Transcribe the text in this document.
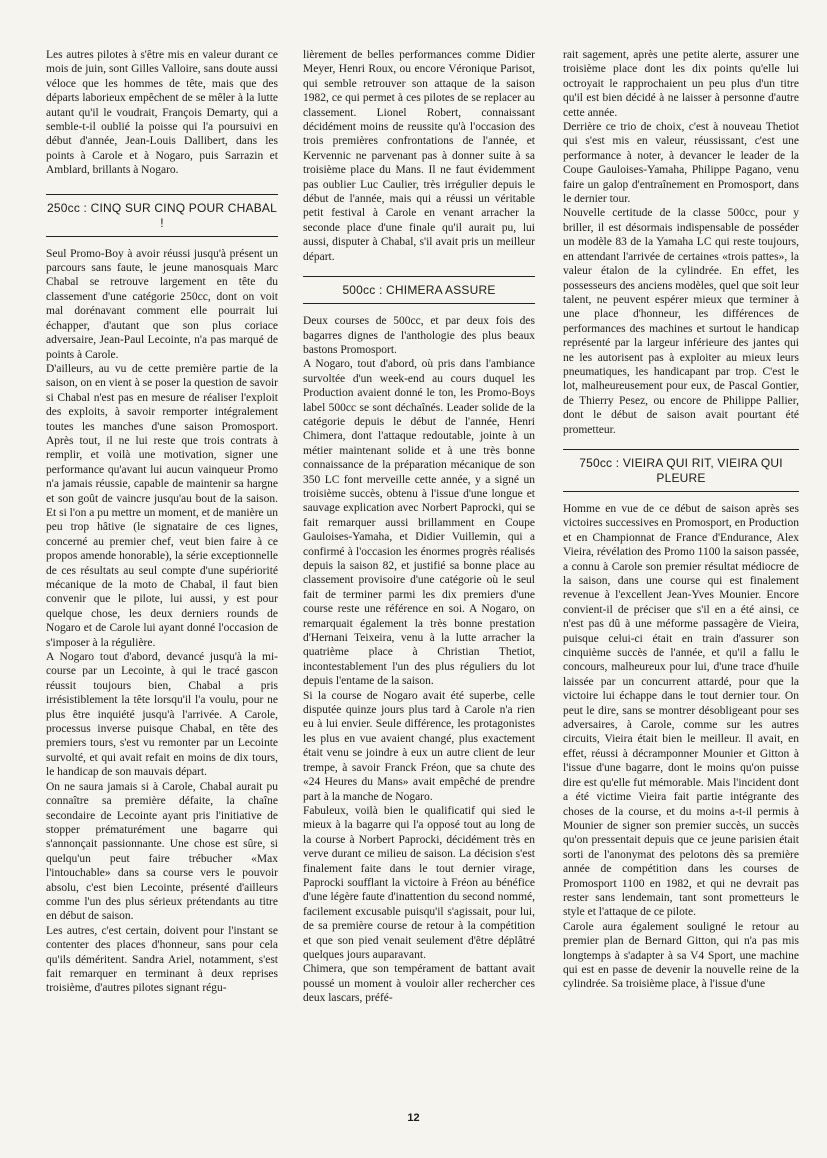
Les autres pilotes à s'être mis en valeur durant ce mois de juin, sont Gilles Valloire, sans doute aussi véloce que les hommes de tête, mais que des départs laborieux empêchent de se mêler à la lutte autant qu'il le voudrait, François Demarty, qui a semble-t-il oublié la poisse qui l'a poursuivi en début d'année, Jean-Louis Dallibert, dans les points à Carole et à Nogaro, puis Sarrazin et Amblard, brillants à Nogaro.

250cc : CINQ SUR CINQ POUR CHABAL !

Seul Promo-Boy à avoir réussi jusqu'à présent un parcours sans faute, le jeune manosquais Marc Chabal se retrouve largement en tête du classement d'une catégorie 250cc, dont on voit mal dorénavant comment elle pourrait lui échapper, d'autant que son plus coriace adversaire, Jean-Paul Lecointe, n'a pas marqué de points à Carole.

D'ailleurs, au vu de cette première partie de la saison, on en vient à se poser la question de savoir si Chabal n'est pas en mesure de réaliser l'exploit des exploits, à savoir remporter intégralement toutes les manches d'une saison Promosport. Après tout, il ne lui reste que trois contrats à remplir, et voilà une motivation, signer une performance qu'avant lui aucun vainqueur Promo n'a jamais réussie, capable de maintenir sa hargne et son goût de vaincre jusqu'au bout de la saison. Et si l'on a pu mettre un moment, et de manière un peu trop hâtive (le signataire de ces lignes, concerné au premier chef, veut bien faire à ce propos amende honorable), la série exceptionnelle de ces résultats au seul compte d'une supériorité mécanique de la moto de Chabal, il faut bien convenir que le pilote, lui aussi, y est pour quelque chose, les deux derniers rounds de Nogaro et de Carole lui ayant donné l'occasion de s'imposer à la régulière.

A Nogaro tout d'abord, devancé jusqu'à la mi-course par un Lecointe, à qui le tracé gascon réussit toujours bien, Chabal a pris irrésistiblement la tête lorsqu'il l'a voulu, pour ne plus être inquiété jusqu'à l'arrivée. A Carole, processus inverse puisque Chabal, en tête des premiers tours, s'est vu remonter par un Lecointe survolté, et qui avait refait en moins de dix tours, le handicap de son mauvais départ.

On ne saura jamais si à Carole, Chabal aurait pu connaître sa première défaite, la chaîne secondaire de Lecointe ayant pris l'initiative de stopper prématurément une bagarre qui s'annonçait passionnante. Une chose est sûre, si quelqu'un peut faire trébucher «Max l'intouchable» dans sa course vers le pouvoir absolu, c'est bien Lecointe, présenté d'ailleurs comme l'un des plus sérieux prétendants au titre en début de saison.

Les autres, c'est certain, doivent pour l'instant se contenter des places d'honneur, sans pour cela qu'ils déméritent. Sandra Ariel, notamment, s'est fait remarquer en terminant à deux reprises troisième, d'autres pilotes signant régu-

lièrement de belles performances comme Didier Meyer, Henri Roux, ou encore Véronique Parisot, qui semble retrouver son attaque de la saison 1982, ce qui permet à ces pilotes de se replacer au classement. Lionel Robert, connaissant décidément moins de reussite qu'à l'occasion des trois premières confrontations de l'année, et Kervennic ne parvenant pas à donner suite à sa troisième place du Mans. Il ne faut évidemment pas oublier Luc Caulier, très irrégulier depuis le début de l'année, mais qui a réussi un véritable petit festival à Carole en venant arracher la seconde place d'une finale qu'il aurait pu, lui aussi, disputer à Chabal, s'il avait pris un meilleur départ.

500cc : CHIMERA ASSURE

Deux courses de 500cc, et par deux fois des bagarres dignes de l'anthologie des plus beaux bastons Promosport.

A Nogaro, tout d'abord, où pris dans l'ambiance survoltée d'un week-end au cours duquel les Production avaient donné le ton, les Promo-Boys label 500cc se sont déchaînés. Leader solide de la catégorie depuis le début de l'année, Henri Chimera, dont l'attaque redoutable, jointe à un métier maintenant solide et à une très bonne connaissance de la préparation mécanique de son 350 LC font merveille cette année, y a signé un troisième succès, obtenu à l'issue d'une longue et sauvage explication avec Norbert Paprocki, qui se fait remarquer aussi brillamment en Coupe Gauloises-Yamaha, et Didier Vuillemin, qui a confirmé à l'occasion les énormes progrès réalisés depuis la saison 82, et justifié sa bonne place au classement provisoire d'une catégorie où le seul fait de terminer parmi les dix premiers d'une course reste une référence en soi. A Nogaro, on remarquait également la très bonne prestation d'Hernani Teixeira, venu à la lutte arracher la quatrième place à Christian Thetiot, incontestablement l'un des plus réguliers du lot depuis l'entame de la saison.

Si la course de Nogaro avait été superbe, celle disputée quinze jours plus tard à Carole n'a rien eu à lui envier. Seule différence, les protagonistes les plus en vue avaient changé, plus exactement était venu se joindre à eux un autre client de leur trempe, à savoir Franck Fréon, que sa chute des «24 Heures du Mans» avait empêché de prendre part à la manche de Nogaro.

Fabuleux, voilà bien le qualificatif qui sied le mieux à la bagarre qui l'a opposé tout au long de la course à Norbert Paprocki, décidément très en verve durant ce milieu de saison. La décision s'est finalement faite dans le tout dernier virage, Paprocki soufflant la victoire à Fréon au bénéfice d'une légère faute d'inattention du second nommé, facilement excusable puisqu'il s'agissait, pour lui, de sa première course de retour à la compétition et que son pied venait seulement d'être déplâtré quelques jours auparavant.

Chimera, que son tempérament de battant avait poussé un moment à vouloir aller rechercher ces deux lascars, préfé-

rait sagement, après une petite alerte, assurer une troisième place dont les dix points qu'elle lui octroyait le rapprochaient un peu plus d'un titre qu'il est bien décidé à ne laisser à personne d'autre cette année.

Derrière ce trio de choix, c'est à nouveau Thetiot qui s'est mis en valeur, réussissant, c'est une performance à noter, à devancer le leader de la Coupe Gauloises-Yamaha, Philippe Pagano, venu faire un galop d'entraînement en Promosport, dans le dernier tour.

Nouvelle certitude de la classe 500cc, pour y briller, il est désormais indispensable de posséder un modèle 83 de la Yamaha LC qui reste toujours, en attendant l'arrivée de certaines «trois pattes», la valeur étalon de la cylindrée. En effet, les possesseurs des anciens modèles, quel que soit leur talent, ne peuvent espérer mieux que terminer à une place d'honneur, les différences de performances des machines et surtout le handicap représenté par la largeur inférieure des jantes qui ne les autorisent pas à exploiter au mieux leurs pneumatiques, les handicapant par trop. C'est le lot, malheureusement pour eux, de Pascal Gontier, de Thierry Pesez, ou encore de Philippe Pallier, dont le début de saison avait pourtant été prometteur.

750cc : VIEIRA QUI RIT, VIEIRA QUI PLEURE

Homme en vue de ce début de saison après ses victoires successives en Promosport, en Production et en Championnat de France d'Endurance, Alex Vieira, révélation des Promo 1100 la saison passée, a connu à Carole son premier résultat médiocre de la saison, dans une course qui est finalement revenue à l'excellent Jean-Yves Mounier. Encore convient-il de préciser que s'il en a été ainsi, ce n'est pas dû à une méforme passagère de Vieira, puisque celui-ci était en train d'assurer son cinquième succès de l'année, et qu'il a fallu le concours, malheureux pour lui, d'une trace d'huile laissée par un concurrent attardé, pour que la victoire lui échappe dans le tout dernier tour. On peut le dire, sans se montrer désobligeant pour ses adversaires, à Carole, comme sur les autres circuits, Vieira était bien le meilleur. Il avait, en effet, réussi à décramponner Mounier et Gitton à l'issue d'une bagarre, dont le moins qu'on puisse dire est qu'elle fut mémorable. Mais l'incident dont a été victime Vieira fait partie intégrante des choses de la course, et du moins a-t-il permis à Mounier de signer son premier succès, un succès qu'on pressentait depuis que ce jeune parisien était sorti de l'anonymat des pelotons dès sa première année de compétition dans les courses de Promosport 1100 en 1982, et qui ne devrait pas rester sans lendemain, tant sont prometteurs le style et l'attaque de ce pilote.

Carole aura également souligné le retour au premier plan de Bernard Gitton, qui n'a pas mis longtemps à s'adapter à sa V4 Sport, une machine qui est en passe de devenir la nouvelle reine de la cylindrée. Sa troisième place, à l'issue d'une

12
